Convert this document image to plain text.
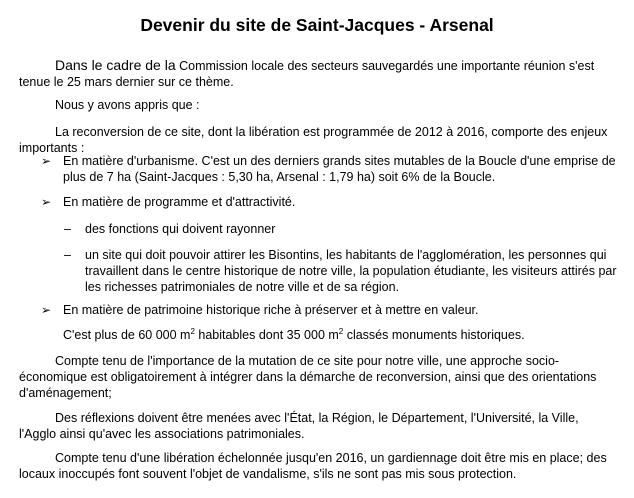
Devenir du site de Saint-Jacques - Arsenal
Dans le cadre de la Commission locale des secteurs sauvegardés une importante réunion s'est tenue le 25 mars dernier sur ce thème.
Nous y avons appris que :
La reconversion de ce site, dont la libération est programmée de 2012 à 2016, comporte des enjeux importants :
➢ En matière d'urbanisme. C'est un des derniers grands sites mutables de la Boucle d'une emprise de plus de 7 ha (Saint-Jacques : 5,30 ha, Arsenal : 1,79 ha) soit 6% de la Boucle.
➢ En matière de programme et d'attractivité.
– des fonctions qui doivent rayonner
– un site qui doit pouvoir attirer les Bisontins, les habitants de l'agglomération, les personnes qui travaillent dans le centre historique de notre ville, la population étudiante, les visiteurs attirés par les richesses patrimoniales de notre ville et de sa région.
➢ En matière de patrimoine historique riche à préserver et à mettre en valeur.
C'est plus de 60 000 $m^2$ habitables dont 35 000 $m^2$ classés monuments historiques.
Compte tenu de l'importance de la mutation de ce site pour notre ville, une approche socio-économique est obligatoirement à intégrer dans la démarche de reconversion, ainsi que des orientations d'aménagement;
Des réflexions doivent être menées avec l'État, la Région, le Département, l'Université, la Ville, l'Agglo ainsi qu'avec les associations patrimoniales.
Compte tenu d'une libération échelonnée jusqu'en 2016, un gardiennage doit être mis en place; des locaux inoccupés font souvent l'objet de vandalisme, s'ils ne sont pas mis sous protection.
